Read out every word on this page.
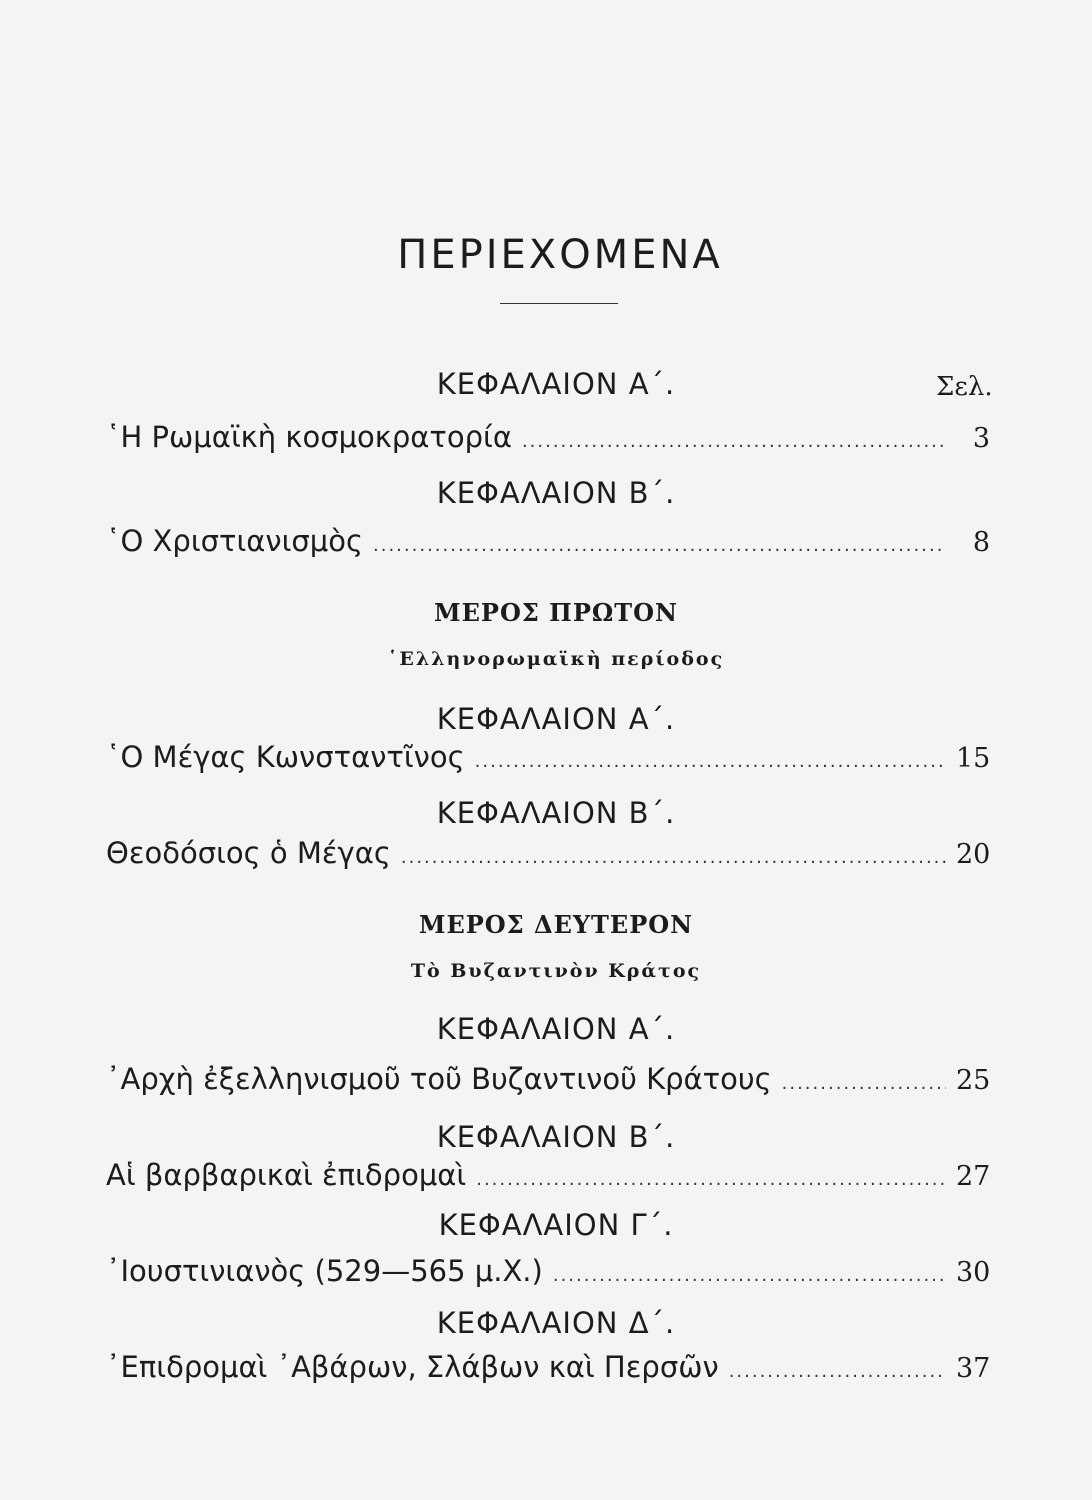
ΠΕΡΙΕΧΟΜΕΝΑ
ΚΕΦΑΛΑΙΟΝ Α΄.	Σελ.
῾Η Ρωμαϊκὴ κοσμοκρατορία .....	3
ΚΕΦΑΛΑΙΟΝ Β΄.
῾Ο Χριστιανισμὸς .....	8
ΜΕΡΟΣ ΠΡΩΤΟΝ
῾Ελληνορωμαϊκὴ περίοδος
ΚΕΦΑΛΑΙΟΝ Α΄.
῾Ο Μέγας Κωνσταντῖνος .....	15
ΚΕΦΑΛΑΙΟΝ Β΄.
Θεοδόσιος ὁ Μέγας .....	20
ΜΕΡΟΣ ΔΕΥΤΕΡΟΝ
Τὸ Βυζαντινὸν Κράτος
ΚΕΦΑΛΑΙΟΝ Α΄.
᾿Αρχὴ ἐξελληνισμοῦ τοῦ Βυζαντινοῦ Κράτους .....	25
ΚΕΦΑΛΑΙΟΝ Β΄.
Αἱ βαρβαρικαὶ ἐπιδρομαὶ .....	27
ΚΕΦΑΛΑΙΟΝ Γ΄.
᾿Ιουστινιανὸς (529—565 μ.Χ.) .....	30
ΚΕΦΑΛΑΙΟΝ Δ΄.
᾿Επιδρομαὶ ᾿Αβάρων, Σλάβων καὶ Περσῶν .....	37
